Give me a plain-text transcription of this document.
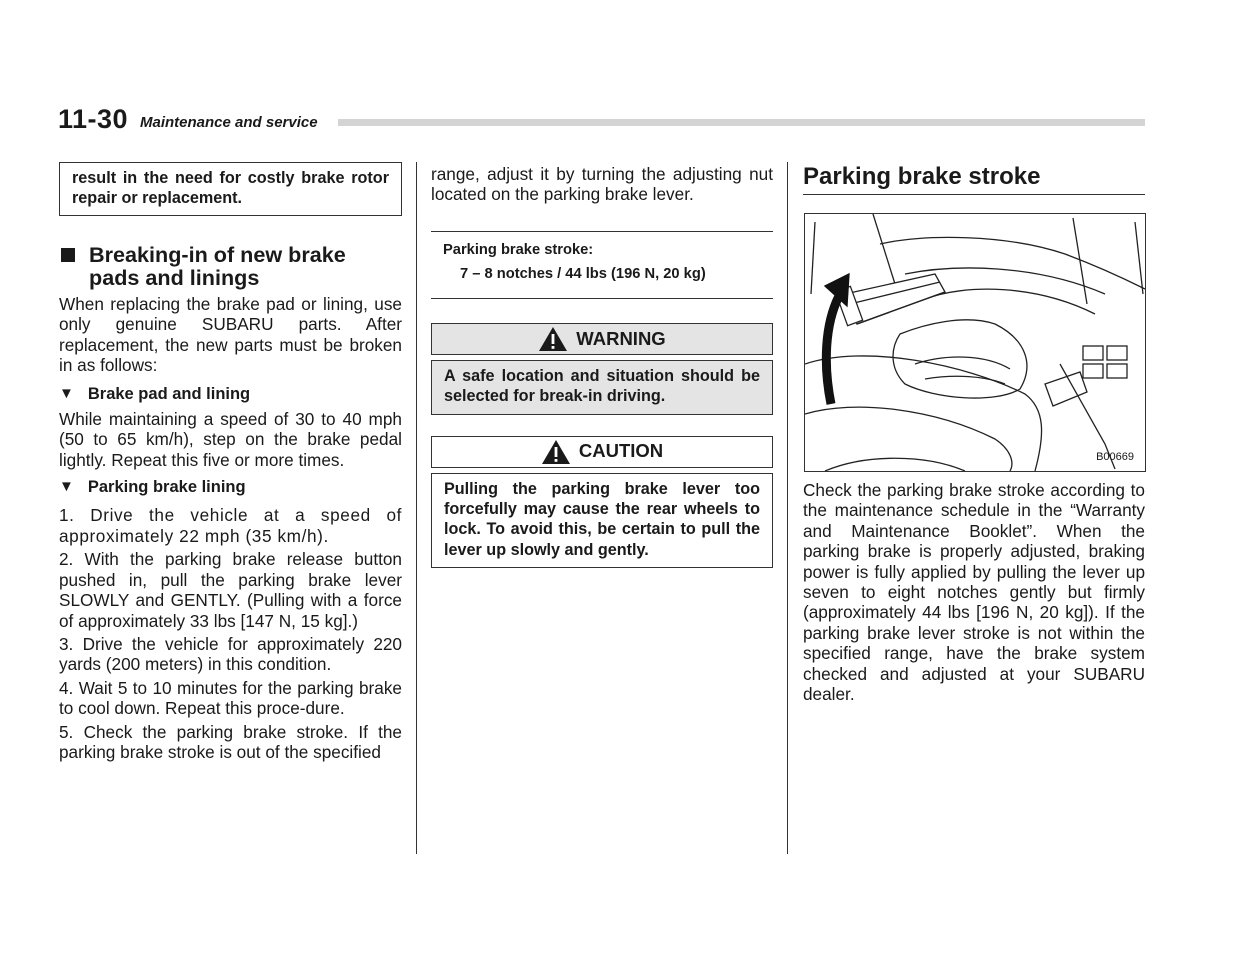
11-30 Maintenance and service
result in the need for costly brake rotor repair or replacement.
Breaking-in of new brake pads and linings

When replacing the brake pad or lining, use only genuine SUBARU parts. After replacement, the new parts must be broken in as follows:

▼ Brake pad and lining

While maintaining a speed of 30 to 40 mph (50 to 65 km/h), step on the brake pedal lightly. Repeat this five or more times.

▼ Parking brake lining

1. Drive the vehicle at a speed of approximately 22 mph (35 km/h).

2. With the parking brake release button pushed in, pull the parking brake lever SLOWLY and GENTLY. (Pulling with a force of approximately 33 lbs [147 N, 15 kg].)

3. Drive the vehicle for approximately 220 yards (200 meters) in this condition.

4. Wait 5 to 10 minutes for the parking brake to cool down. Repeat this proce-dure.

5. Check the parking brake stroke. If the parking brake stroke is out of the specified

range, adjust it by turning the adjusting nut located on the parking brake lever.

Parking brake stroke:
7 – 8 notches / 44 lbs (196 N, 20 kg)
WARNING
A safe location and situation should be selected for break-in driving.
CAUTION
Pulling the parking brake lever too forcefully may cause the rear wheels to lock. To avoid this, be certain to pull the lever up slowly and gently.
Parking brake stroke
B00669

Check the parking brake stroke according to the maintenance schedule in the “Warranty and Maintenance Booklet”. When the parking brake is properly adjusted, braking power is fully applied by pulling the lever up seven to eight notches gently but firmly (approximately 44 lbs [196 N, 20 kg]). If the parking brake lever stroke is not within the specified range, have the brake system checked and adjusted at your SUBARU dealer.
